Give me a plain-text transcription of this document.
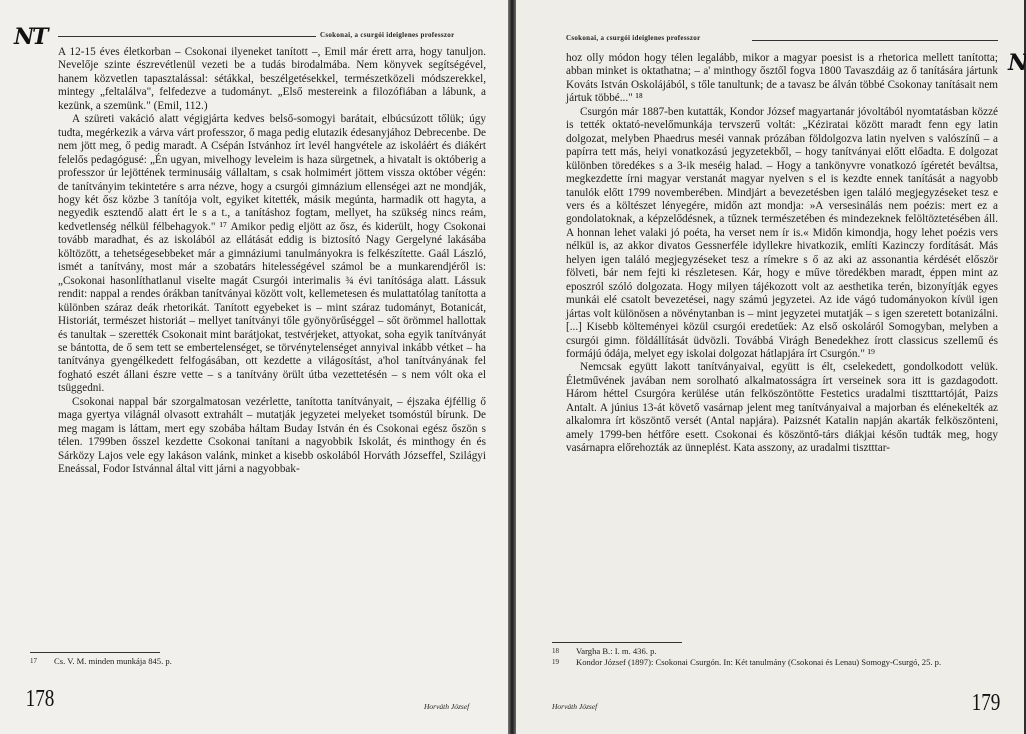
NT	Csokonai, a csurgói ideiglenes professzor

A 12-15 éves életkorban – Csokonai ilyeneket tanított –, Emil már érett arra, hogy tanuljon. Nevelője szinte észrevétlenül vezeti be a tudás birodalmába. Nem könyvek segítségével, hanem közvetlen tapasztalással: sétákkal, beszélgetésekkel, természetközeli módszerekkel, mintegy „feltalálva", felfedezve a tudományt. „Első mestereink a filozófiában a lábunk, a kezünk, a szemünk." (Emil, 112.)

A szüreti vakáció alatt végigjárta kedves belső-somogyi barátait, elbúcsúzott tőlük; úgy tudta, megérkezik a várva várt professzor, ő maga pedig elutazik édesanyjához Debrecenbe. De nem jött meg, ő pedig maradt. A Csépán Istvánhoz írt levél hangvétele az iskoláért és diákért felelős pedagógusé: „Én ugyan, mivelhogy leveleim is haza sürgetnek, a hivatalt is októberig a professzor úr lejöttének terminusáig vállaltam, s csak holmimért jöttem vissza október végén: de tanítványim tekintetére s arra nézve, hogy a csurgói gimnázium ellenségei azt ne mondják, hogy két ősz közbe 3 tanítója volt, egyiket kitették, másik megúnta, harmadik ott hagyta, a negyedik esztendő alatt ért le s a t., a tanításhoz fogtam, mellyet, ha szükség nincs reám, kedvetlenség nélkül félbehagyok." ¹⁷ Amikor pedig eljött az ősz, és kiderült, hogy Csokonai tovább maradhat, és az iskolából az ellátását eddig is biztosító Nagy Gergelyné lakásába költözött, a tehetségesebbeket már a gimnáziumi tanulmányokra is felkészítette. Gaál László, ismét a tanítvány, most már a szobatárs hitelességével számol be a munkarendjéről is: „Csokonai hasonlíthatlanul viselte magát Csurgói interimalis ¾ évi tanítósága alatt. Lássuk rendit: nappal a rendes órákban tanítványai között volt, kellemetesen és mulattatólag tanította a különben száraz deák rhetorikát. Tanított egyebeket is – mint száraz tudományt, Botanicát, Historiát, természet historiát – mellyet tanítványi tőle gyönyörűséggel – sőt örömmel hallottak és tanultak – szerették Csokonait mint barátjokat, testvérjeket, attyokat, soha egyik tanítványát se bántotta, de ő sem tett se embertelenséget, se törvénytelenséget annyival inkább vétket – ha tanítványa gyengélkedett felfogásában, ott kezdette a világosítást, a'hol tanítványának fel fogható eszét állani észre vette – s a tanítvány örült útba vezettetésén – s nem vólt oka el tsüggedni.

Csokonai nappal bár szorgalmatosan vezérlette, tanította tanítványait, – éjszaka éjféllig ő maga gyertya világnál olvasott extrahált – mutatják jegyzetei melyeket tsomóstúl bírunk. De meg magam is láttam, mert egy szobába háltam Buday István én és Csokonai egész őszön s télen. 1799ben ősszel kezdette Csokonai tanítani a nagyobbik Iskolát, és minthogy én és Sárközy Lajos vele egy lakáson valánk, minket a kisebb oskolából Horváth Józseffel, Szilágyi Eneással, Fodor Istvánnal által vitt járni a nagyobbak-

17	Cs. V. M. minden munkája 845. p.
178	Horváth József
Csokonai, a csurgói ideiglenes professzor
N

hoz olly módon hogy télen legalább, mikor a magyar poesist is a rhetorica mellett tanította; abban minket is oktathatna; – a' minthogy ősztől fogva 1800 Tavaszdáig az ő tanítására jártunk Kováts István Oskolájából, s tőle tanultunk; de a tavasz be álván többé Csokonay tanításait nem jártuk többé..." ¹⁸

Csurgón már 1887-ben kutatták, Kondor József magyartanár jóvoltából nyomtatásban közzé is tették oktató-nevelőmunkája tervszerű voltát: „Kéziratai között maradt fenn egy latin dolgozat, melyben Phaedrus meséi vannak prózában földolgozva latin nyelven s valószínű – a papírra tett más, heiyi vonatkozású jegyzetekből, – hogy tanítványai előtt előadta. E dolgozat különben töredékes s a 3-ik meséig halad. – Hogy a tankönyvre vonatkozó ígéretét beváltsa, megkezdette írni magyar verstanát magyar nyelven s el is kezdte ennek tanítását a nagyobb tanulók előtt 1799 novemberében. Mindjárt a bevezetésben igen találó megjegyzéseket tesz e vers és a költészet lényegére, midőn azt mondja: »A versesinálás nem poézis: mert ez a gondolatoknak, a képzelődésnek, a tűznek természetében és mindezeknek felöltöztetésében áll. A honnan lehet valaki jó poéta, ha verset nem ír is.« Midőn kimondja, hogy lehet poézis vers nélkül is, az akkor divatos Gessnerféle idyllekre hivatkozik, említi Kazinczy fordítását. Más helyen igen találó megjegyzéseket tesz a rímekre s ő az aki az assonantia kérdését először fölveti, bár nem fejti ki részletesen. Kár, hogy e műve töredékben maradt, éppen mint az eposzról szóló dolgozata. Hogy milyen tájékozott volt az aesthetika terén, bizonyítják egyes munkái elé csatolt bevezetései, nagy számú jegyzetei. Az ide vágó tudományokon kívül igen jártas volt különösen a növénytanban is – mint jegyzetei mutatják – s igen szeretett botanizálni. [...] Kisebb költeményei közül csurgói eredetűek: Az első oskoláról Somogyban, melyben a csurgói gimn. földállítását üdvözli. Továbbá Virágh Benedekhez írott classicus szellemű és formájú ódája, melyet egy iskolai dolgozat hátlapjára írt Csurgón." ¹⁹

Nemcsak együtt lakott tanítványaival, együtt is élt, cselekedett, gondolkodott velük. Életművének javában nem sorolható alkalmatosságra írt verseinek sora itt is gazdagodott. Három héttel Csurgóra kerülése után felköszöntötte Festetics uradalmi tisztttartóját, Paizs Antalt. A június 13-át követő vasárnap jelent meg tanítványaival a majorban és elénekelték az alkalomra írt köszöntő versét (Antal napjára). Paizsnét Katalin napján akarták felköszönteni, amely 1799-ben hétfőre esett. Csokonai és köszöntő-társ diákjai későn tudták meg, hogy vasárnapra előrehozták az ünneplést. Kata asszony, az uradalmi tisztttar-

18	Vargha B.: I. m. 436. p.
19	Kondor József (1897): Csokonai Csurgón. In: Két tanulmány (Csokonai és Lenau) Somogy-Csurgó, 25. p.
Horváth József	179
